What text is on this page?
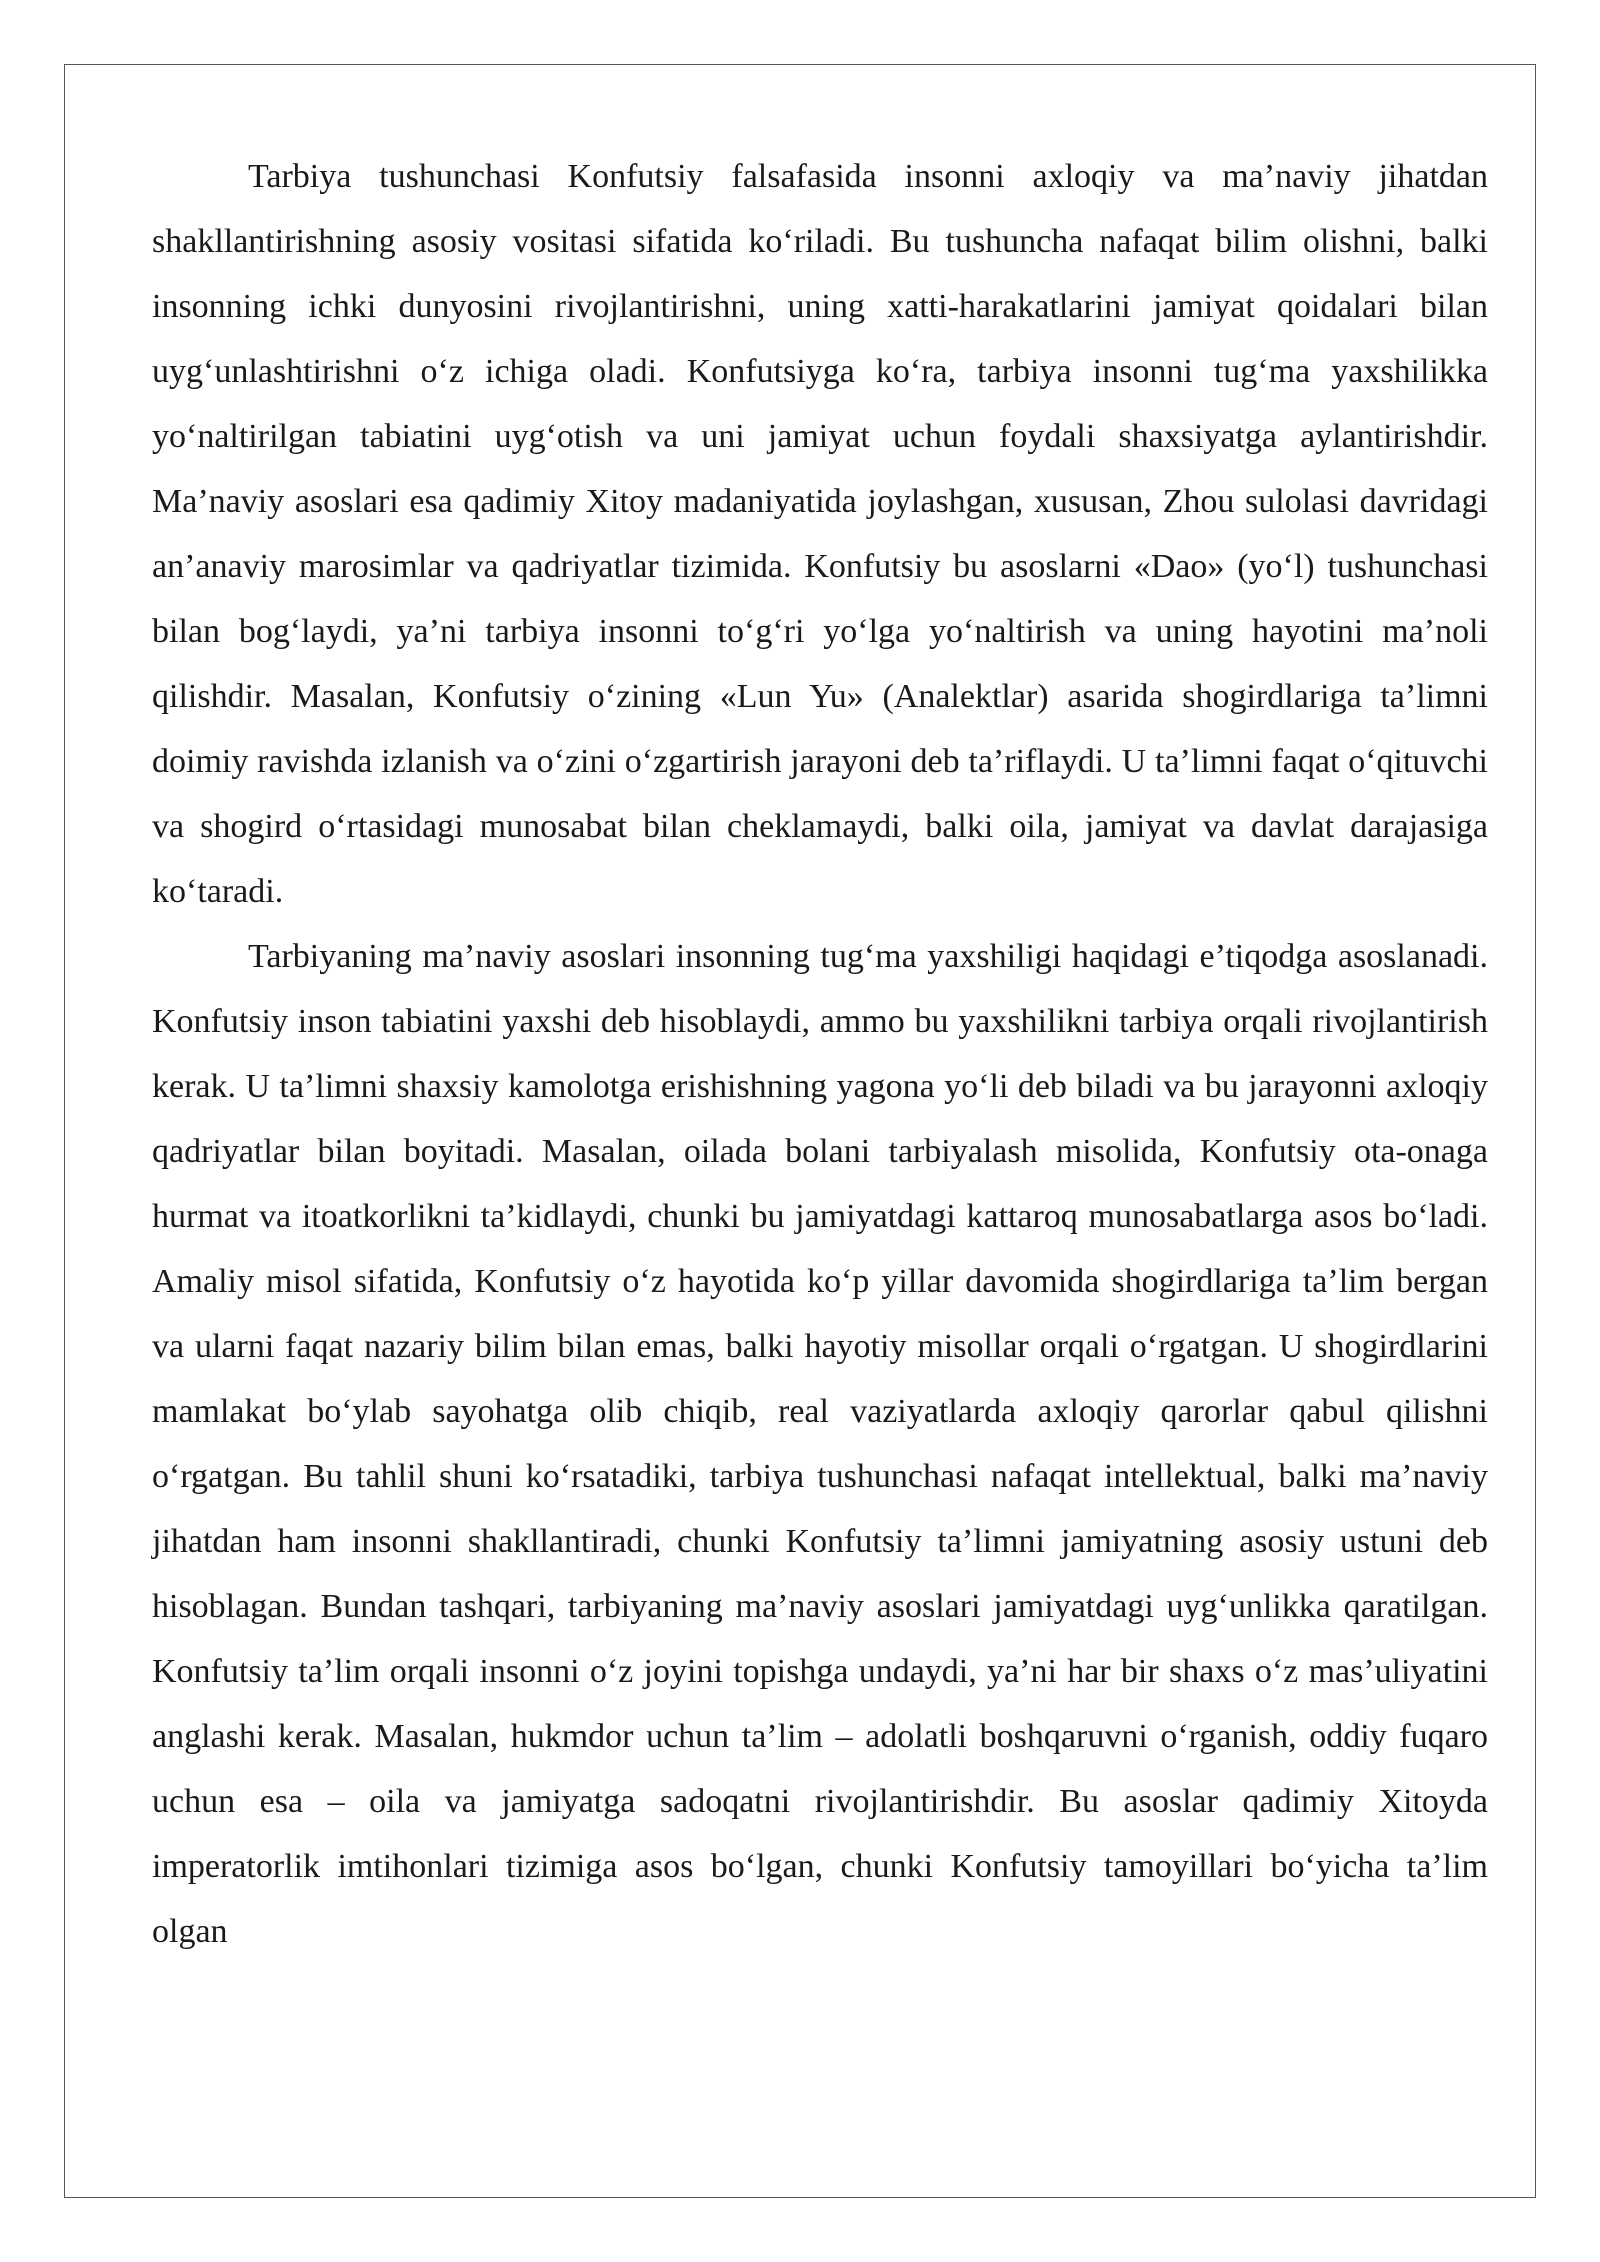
Tarbiya tushunchasi Konfutsiy falsafasida insonni axloqiy va ma’naviy jihatdan shakllantirishning asosiy vositasi sifatida ko‘riladi. Bu tushuncha nafaqat bilim olishni, balki insonning ichki dunyosini rivojlantirishni, uning xatti-harakatlarini jamiyat qoidalari bilan uyg‘unlashtirishni o‘z ichiga oladi. Konfutsiyga ko‘ra, tarbiya insonni tug‘ma yaxshilikka yo‘naltirilgan tabiatini uyg‘otish va uni jamiyat uchun foydali shaxsiyatga aylantirishdir. Ma’naviy asoslari esa qadimiy Xitoy madaniyatida joylashgan, xususan, Zhou sulolasi davridagi an’anaviy marosimlar va qadriyatlar tizimida. Konfutsiy bu asoslarni «Dao» (yo‘l) tushunchasi bilan bog‘laydi, ya’ni tarbiya insonni to‘g‘ri yo‘lga yo‘naltirish va uning hayotini ma’noli qilishdir. Masalan, Konfutsiy o‘zining «Lun Yu» (Analektlar) asarida shogirdlariga ta’limni doimiy ravishda izlanish va o‘zini o‘zgartirish jarayoni deb ta’riflaydi. U ta’limni faqat o‘qituvchi va shogird o‘rtasidagi munosabat bilan cheklamaydi, balki oila, jamiyat va davlat darajasiga ko‘taradi.

Tarbiyaning ma’naviy asoslari insonning tug‘ma yaxshiligi haqidagi e’tiqodga asoslanadi. Konfutsiy inson tabiatini yaxshi deb hisoblaydi, ammo bu yaxshilikni tarbiya orqali rivojlantirish kerak. U ta’limni shaxsiy kamolotga erishishning yagona yo‘li deb biladi va bu jarayonni axloqiy qadriyatlar bilan boyitadi. Masalan, oilada bolani tarbiyalash misolida, Konfutsiy ota-onaga hurmat va itoatkorlikni ta’kidlaydi, chunki bu jamiyatdagi kattaroq munosabatlarga asos bo‘ladi. Amaliy misol sifatida, Konfutsiy o‘z hayotida ko‘p yillar davomida shogirdlariga ta’lim bergan va ularni faqat nazariy bilim bilan emas, balki hayotiy misollar orqali o‘rgatgan. U shogirdlarini mamlakat bo‘ylab sayohatga olib chiqib, real vaziyatlarda axloqiy qarorlar qabul qilishni o‘rgatgan. Bu tahlil shuni ko‘rsatadiki, tarbiya tushunchasi nafaqat intellektual, balki ma’naviy jihatdan ham insonni shakllantiradi, chunki Konfutsiy ta’limni jamiyatning asosiy ustuni deb hisoblagan. Bundan tashqari, tarbiyaning ma’naviy asoslari jamiyatdagi uyg‘unlikka qaratilgan. Konfutsiy ta’lim orqali insonni o‘z joyini topishga undaydi, ya’ni har bir shaxs o‘z mas’uliyatini anglashi kerak. Masalan, hukmdor uchun ta’lim – adolatli boshqaruvni o‘rganish, oddiy fuqaro uchun esa – oila va jamiyatga sadoqatni rivojlantirishdir. Bu asoslar qadimiy Xitoyda imperatorlik imtihonlari tizimiga asos bo‘lgan, chunki Konfutsiy tamoyillari bo‘yicha ta’lim olgan
